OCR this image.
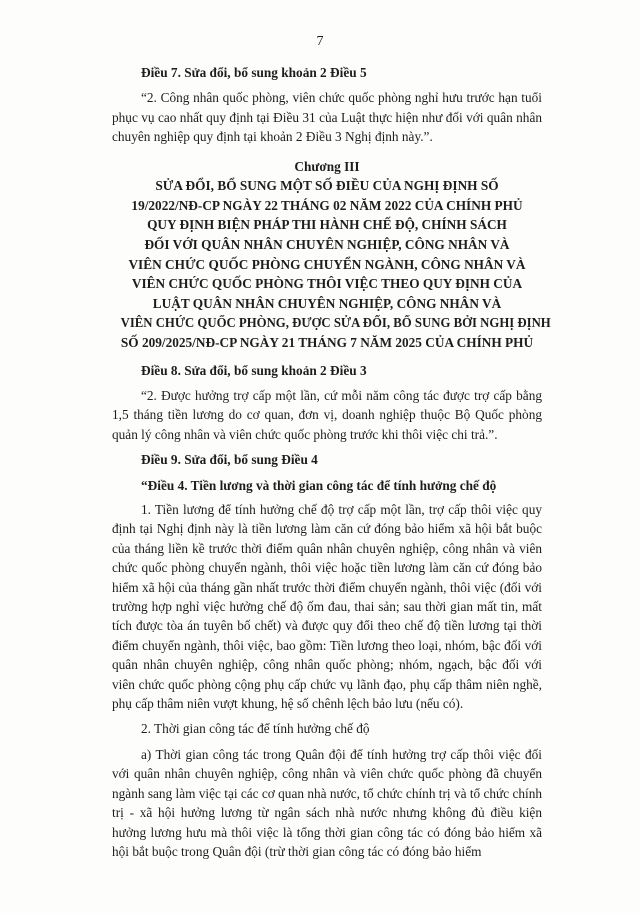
7

Điều 7. Sửa đổi, bổ sung khoản 2 Điều 5

“2. Công nhân quốc phòng, viên chức quốc phòng nghỉ hưu trước hạn tuổi phục vụ cao nhất quy định tại Điều 31 của Luật thực hiện như đối với quân nhân chuyên nghiệp quy định tại khoản 2 Điều 3 Nghị định này.”.

Chương III
SỬA ĐỔI, BỔ SUNG MỘT SỐ ĐIỀU CỦA NGHỊ ĐỊNH SỐ
19/2022/NĐ-CP NGÀY 22 THÁNG 02 NĂM 2022 CỦA CHÍNH PHỦ
QUY ĐỊNH BIỆN PHÁP THI HÀNH CHẾ ĐỘ, CHÍNH SÁCH
ĐỐI VỚI QUÂN NHÂN CHUYÊN NGHIỆP, CÔNG NHÂN VÀ
VIÊN CHỨC QUỐC PHÒNG CHUYỂN NGÀNH, CÔNG NHÂN VÀ
VIÊN CHỨC QUỐC PHÒNG THÔI VIỆC THEO QUY ĐỊNH CỦA
LUẬT QUÂN NHÂN CHUYÊN NGHIỆP, CÔNG NHÂN VÀ
VIÊN CHỨC QUỐC PHÒNG, ĐƯỢC SỬA ĐỔI, BỔ SUNG BỞI NGHỊ ĐỊNH
SỐ 209/2025/NĐ-CP NGÀY 21 THÁNG 7 NĂM 2025 CỦA CHÍNH PHỦ

Điều 8. Sửa đổi, bổ sung khoản 2 Điều 3

“2. Được hưởng trợ cấp một lần, cứ mỗi năm công tác được trợ cấp bằng 1,5 tháng tiền lương do cơ quan, đơn vị, doanh nghiệp thuộc Bộ Quốc phòng quản lý công nhân và viên chức quốc phòng trước khi thôi việc chi trả.”.

Điều 9. Sửa đổi, bổ sung Điều 4

“Điều 4. Tiền lương và thời gian công tác để tính hưởng chế độ

1. Tiền lương để tính hưởng chế độ trợ cấp một lần, trợ cấp thôi việc quy định tại Nghị định này là tiền lương làm căn cứ đóng bảo hiểm xã hội bắt buộc của tháng liền kề trước thời điểm quân nhân chuyên nghiệp, công nhân và viên chức quốc phòng chuyển ngành, thôi việc hoặc tiền lương làm căn cứ đóng bảo hiểm xã hội của tháng gần nhất trước thời điểm chuyển ngành, thôi việc (đối với trường hợp nghỉ việc hưởng chế độ ốm đau, thai sản; sau thời gian mất tin, mất tích được tòa án tuyên bố chết) và được quy đổi theo chế độ tiền lương tại thời điểm chuyển ngành, thôi việc, bao gồm: Tiền lương theo loại, nhóm, bậc đối với quân nhân chuyên nghiệp, công nhân quốc phòng; nhóm, ngạch, bậc đối với viên chức quốc phòng cộng phụ cấp chức vụ lãnh đạo, phụ cấp thâm niên nghề, phụ cấp thâm niên vượt khung, hệ số chênh lệch bảo lưu (nếu có).

2. Thời gian công tác để tính hưởng chế độ

a) Thời gian công tác trong Quân đội để tính hưởng trợ cấp thôi việc đối với quân nhân chuyên nghiệp, công nhân và viên chức quốc phòng đã chuyển ngành sang làm việc tại các cơ quan nhà nước, tổ chức chính trị và tổ chức chính trị - xã hội hưởng lương từ ngân sách nhà nước nhưng không đủ điều kiện hưởng lương hưu mà thôi việc là tổng thời gian công tác có đóng bảo hiểm xã hội bắt buộc trong Quân đội (trừ thời gian công tác có đóng bảo hiểm
